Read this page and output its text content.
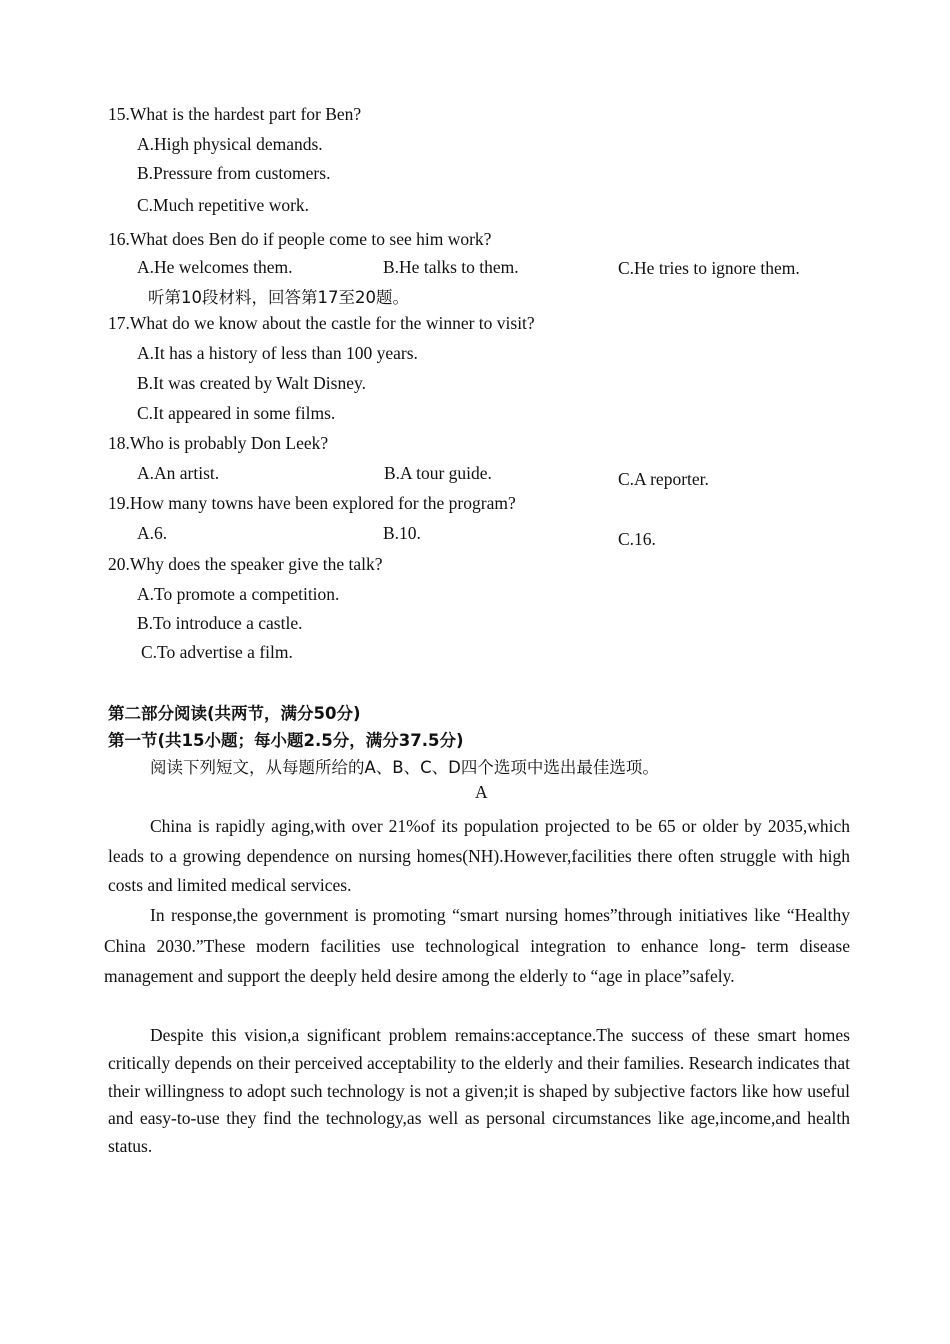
15.What is the hardest part for Ben?
A.High physical demands.
B.Pressure from customers.
C.Much repetitive work.
16.What does Ben do if people come to see him work?
A.He welcomes them.	B.He talks to them.	C.He tries to ignore them.
听第10段材料，回答第17至20题。
17.What do we know about the castle for the winner to visit?
A.It has a history of less than 100 years.
B.It was created by Walt Disney.
C.It appeared in some films.
18.Who is probably Don Leek?
A.An artist.	B.A tour guide.	C.A reporter.
19.How many towns have been explored for the program?
A.6.	B.10.	C.16.
20.Why does the speaker give the talk?
A.To promote a competition.
B.To introduce a castle.
C.To advertise a film.
第二部分阅读(共两节，满分50分)
第一节(共15小题；每小题2.5分，满分37.5分)
阅读下列短文，从每题所给的A、B、C、D四个选项中选出最佳选项。
A
China is rapidly aging,with over 21%of its population projected to be 65 or older by 2035,which leads to a growing dependence on nursing homes(NH).However,facilities there often struggle with high costs and limited medical services.
In response,the government is promoting “smart nursing homes”through initiatives like “Healthy China 2030.”These modern facilities use technological integration to enhance long- term disease management and support the deeply held desire among the elderly to “age in place”safely.
Despite this vision,a significant problem remains:acceptance.The success of these smart homes critically depends on their perceived acceptability to the elderly and their families. Research indicates that their willingness to adopt such technology is not a given;it is shaped by subjective factors like how useful and easy-to-use they find the technology,as well as personal circumstances like age,income,and health status.
